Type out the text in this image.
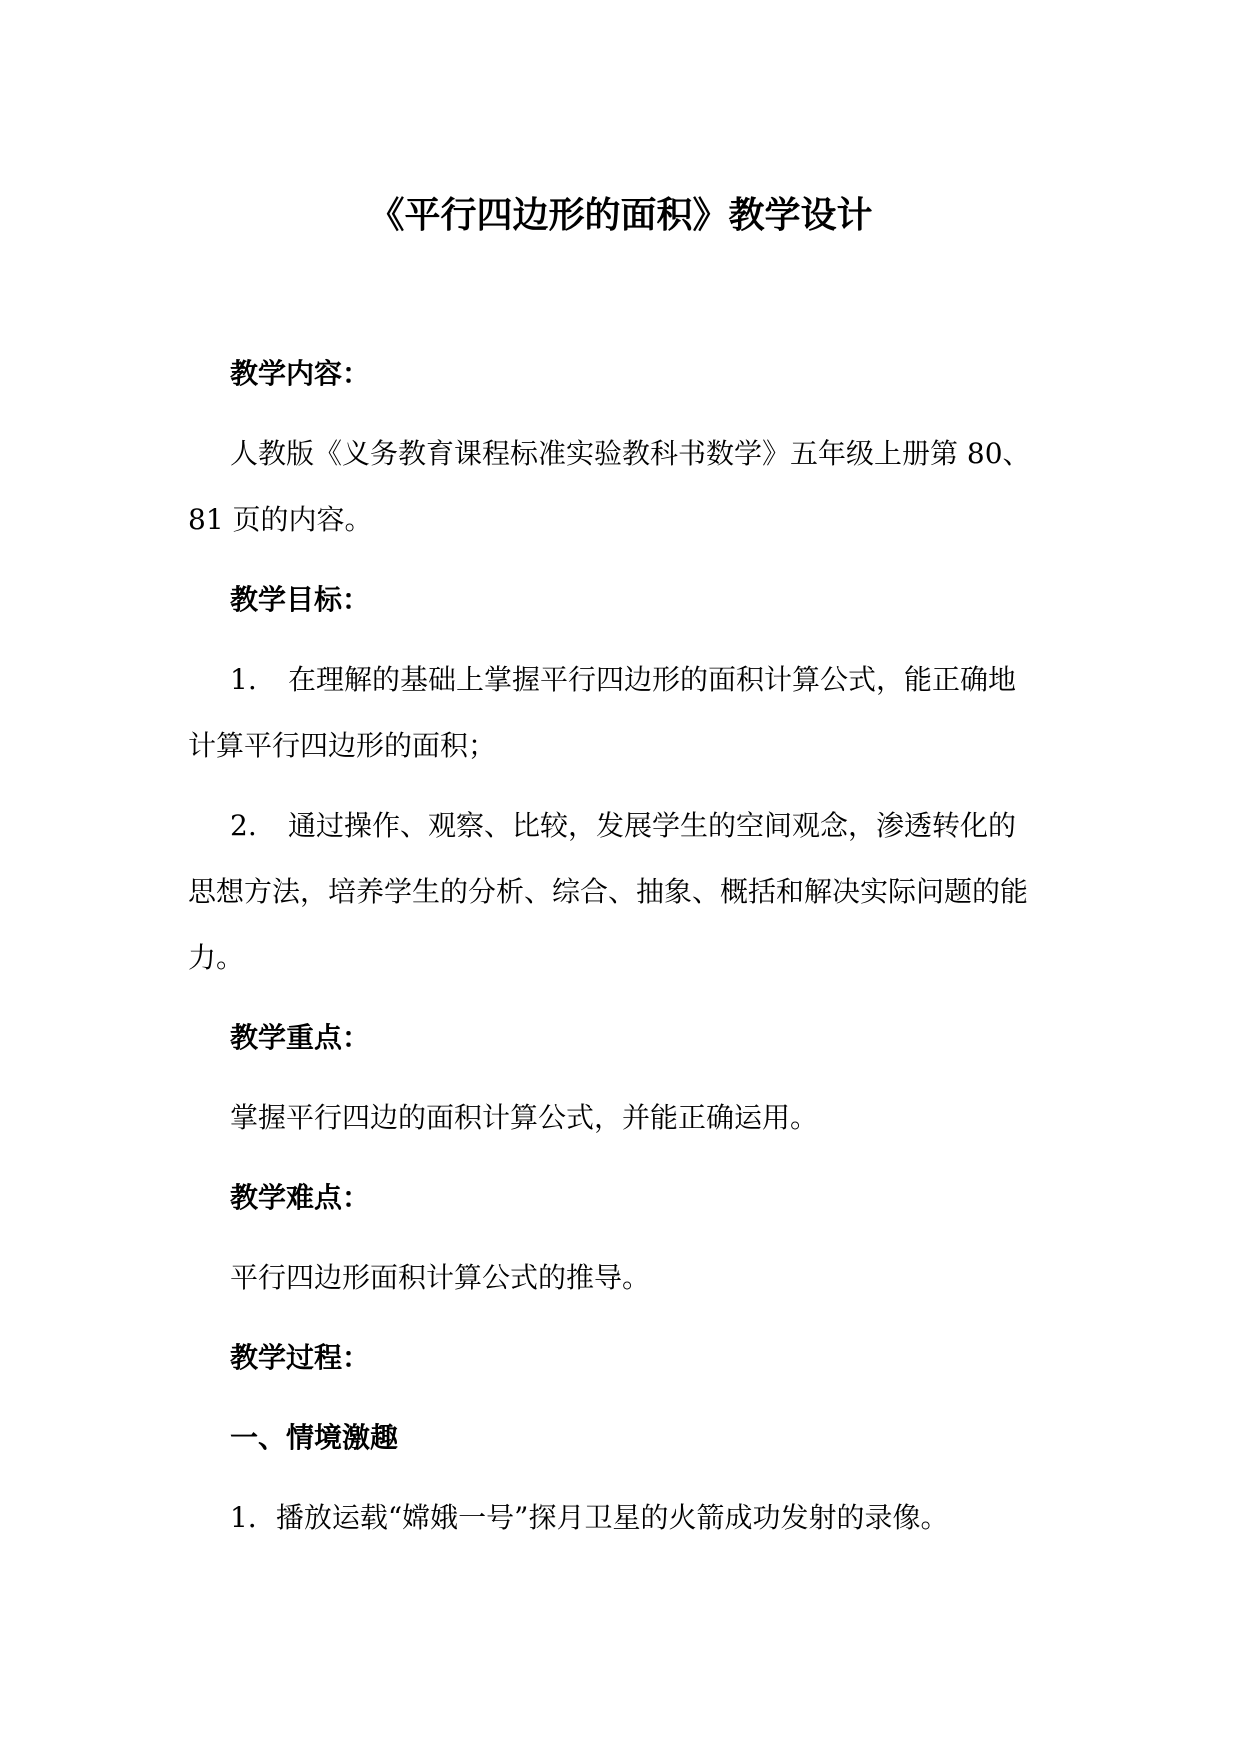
《平行四边形的面积》教学设计
教学内容：
人教版《义务教育课程标准实验教科书数学》五年级上册第 80、
81 页的内容。
教学目标：
1. 在理解的基础上掌握平行四边形的面积计算公式，能正确地
计算平行四边形的面积；
2. 通过操作、观察、比较，发展学生的空间观念，渗透转化的
思想方法，培养学生的分析、综合、抽象、概括和解决实际问题的能
力。
教学重点：
掌握平行四边的面积计算公式，并能正确运用。
教学难点：
平行四边形面积计算公式的推导。
教学过程：
一、情境激趣
1．播放运载“嫦娥一号”探月卫星的火箭成功发射的录像。
